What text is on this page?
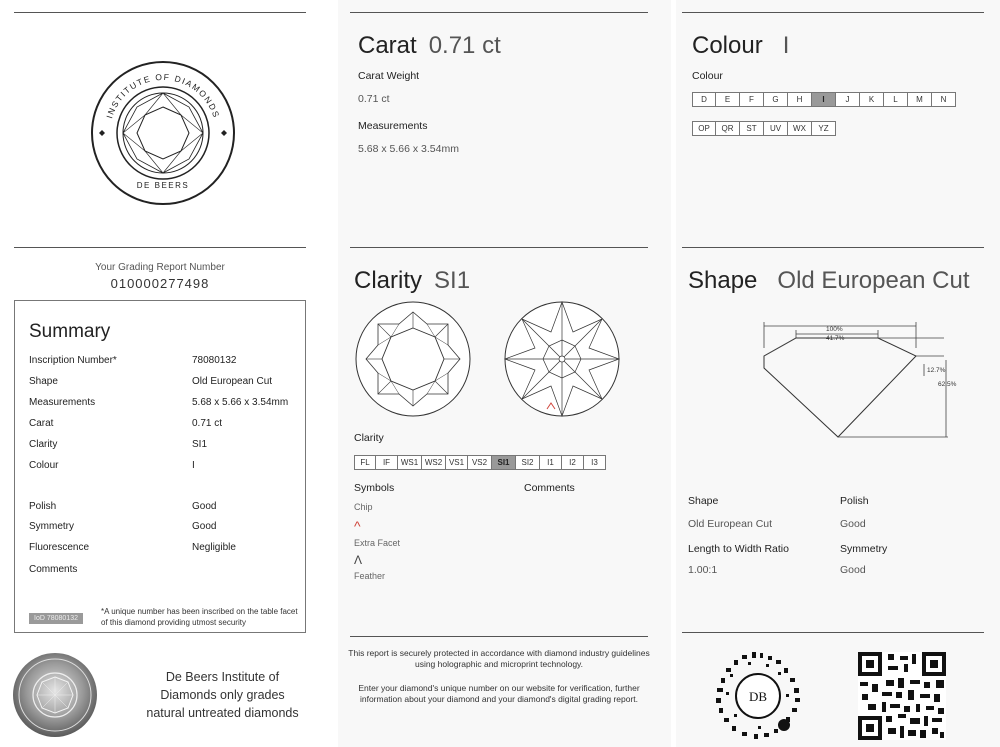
INSTITUTE OF DIAMONDS
DE BEERS
Your Grading Report Number
010000277498
Summary
Inscription Number*	78080132
Shape	Old European Cut
Measurements	5.68 x 5.66 x 3.54mm
Carat	0.71 ct
Clarity	SI1
Colour	I
Polish	Good
Symmetry	Good
Fluorescence	Negligible
Comments
IoD 78080132
*A unique number has been inscribed on the table facet of this diamond providing utmost security
De Beers Institute of
Diamonds only grades
natural untreated diamonds
Carat 0.71 ct
Carat Weight
0.71 ct
Measurements
5.68 x 5.66 x 3.54mm
Clarity SI1
Clarity
FL	IF	WS1 WS2 VS1 VS2	SI1	SI2	I1	I2	I3
Symbols	Comments
Chip
^
Extra Facet
Λ
Feather
This report is securely protected in accordance with diamond industry guidelines using holographic and microprint technology.
Enter your diamond's unique number on our website for verification, further information about your diamond and your diamond's digital grading report.
Colour I
Colour
D	E	F	G	H	I	J	K	L	M	N
OP	QR	ST	UV	WX	YZ
Shape Old European Cut
100%
41.7%
12.7%
62.5%
Shape
Old European Cut
Polish
Good
Length to Width Ratio
1.00:1
Symmetry
Good
DB
